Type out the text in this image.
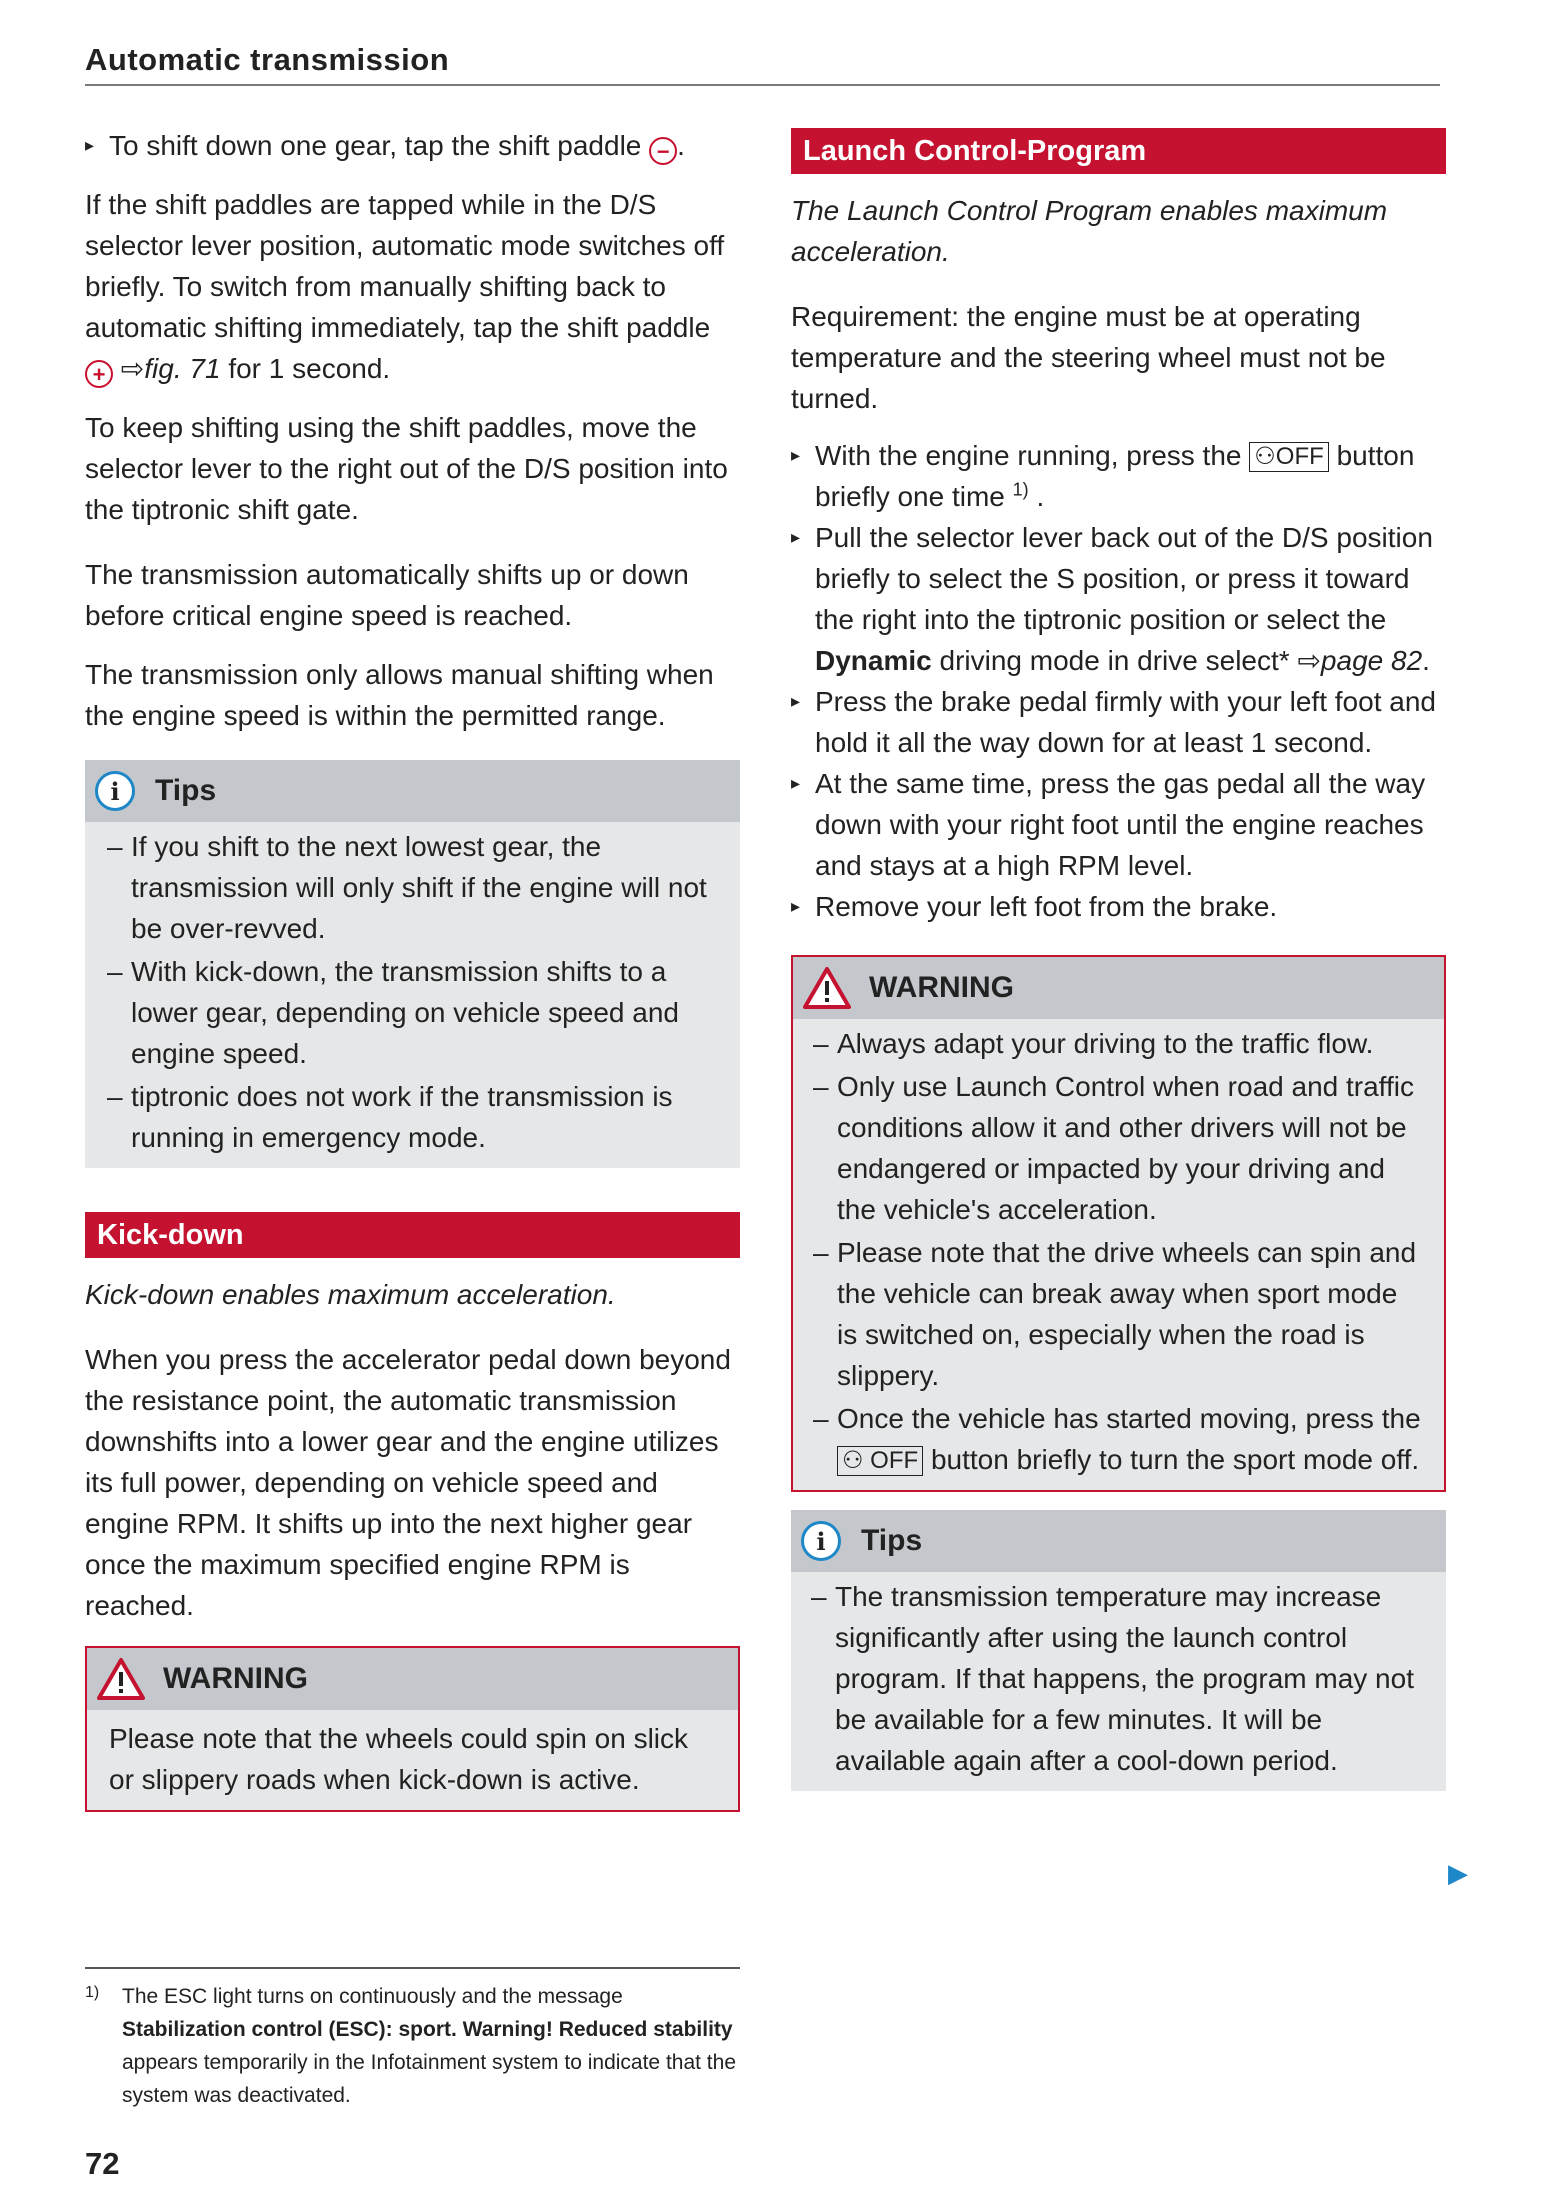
Automatic transmission

▸ To shift down one gear, tap the shift paddle − .

If the shift paddles are tapped while in the D/S selector lever position, automatic mode switches off briefly. To switch from manually shifting back to automatic shifting immediately, tap the shift paddle + ⇨fig. 71 for 1 second.

To keep shifting using the shift paddles, move the selector lever to the right out of the D/S position into the tiptronic shift gate.

The transmission automatically shifts up or down before critical engine speed is reached.

The transmission only allows manual shifting when the engine speed is within the permitted range.

i	Tips

– If you shift to the next lowest gear, the transmission will only shift if the engine will not be over-revved.

– With kick-down, the transmission shifts to a lower gear, depending on vehicle speed and engine speed.

– tiptronic does not work if the transmission is running in emergency mode.

Kick-down

Kick-down enables maximum acceleration.

When you press the accelerator pedal down beyond the resistance point, the automatic transmission downshifts into a lower gear and the engine utilizes its full power, depending on vehicle speed and engine RPM. It shifts up into the next higher gear once the maximum specified engine RPM is reached.

WARNING

Please note that the wheels could spin on slick or slippery roads when kick-down is active.

Launch Control-Program

The Launch Control Program enables maximum acceleration.

Requirement: the engine must be at operating temperature and the steering wheel must not be turned.

▸ With the engine running, press the ⚇OFF button briefly one time $^{1)}$ .

▸ Pull the selector lever back out of the D/S position briefly to select the S position, or press it toward the right into the tiptronic position or select the Dynamic driving mode in drive select* ⇨page 82.

▸ Press the brake pedal firmly with your left foot and hold it all the way down for at least 1 second.

▸ At the same time, press the gas pedal all the way down with your right foot until the engine reaches and stays at a high RPM level.

▸ Remove your left foot from the brake.

WARNING

– Always adapt your driving to the traffic flow.

– Only use Launch Control when road and traffic conditions allow it and other drivers will not be endangered or impacted by your driving and the vehicle's acceleration.

– Please note that the drive wheels can spin and the vehicle can break away when sport mode is switched on, especially when the road is slippery.

– Once the vehicle has started moving, press the ⚇ OFF button briefly to turn the sport mode off.

i	Tips

– The transmission temperature may increase significantly after using the launch control program. If that happens, the program may not be available for a few minutes. It will be available again after a cool-down period.

▶
1)	The ESC light turns on continuously and the message Stabilization control (ESC): sport. Warning! Reduced stability appears temporarily in the Infotainment system to indicate that the system was deactivated.

72
